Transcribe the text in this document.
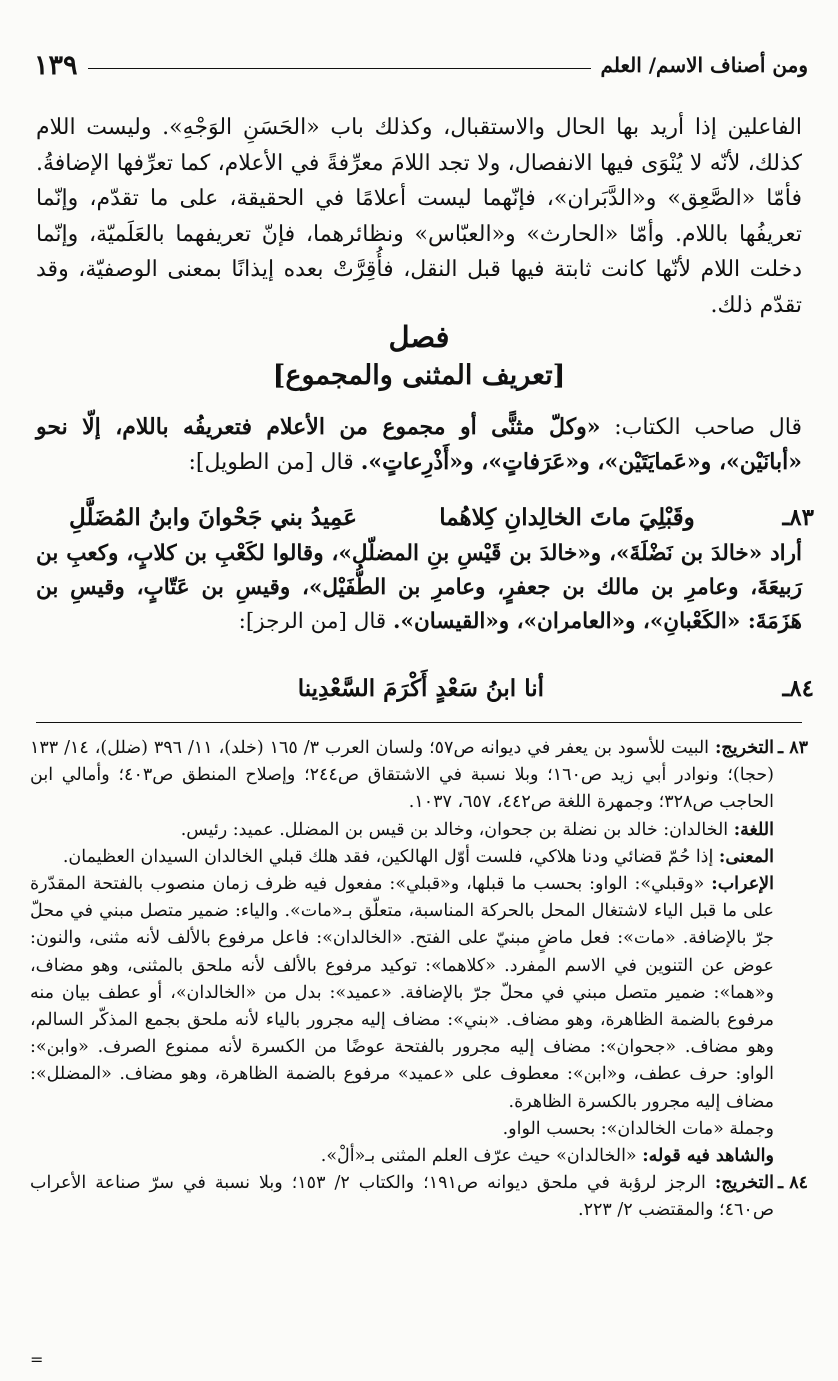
ومن أصناف الاسم/ العلم
١٣٩

الفاعلين إذا أريد بها الحال والاستقبال، وكذلك باب «الحَسَنِ الوَجْهِ». وليست اللام كذلك، لأنّه لا يُنْوَى فيها الانفصال، ولا تجد اللامَ معرِّفةً في الأعلام، كما تعرِّفها الإضافةُ. فأمّا «الصَّعِق» و«الدَّبَران»، فإنّهما ليست أعلامًا في الحقيقة، على ما تقدّم، وإنّما تعريفُها باللام. وأمّا «الحارث» و«العبّاس» ونظائرهما، فإنّ تعريفهما بالعَلَميّة، وإنّما دخلت اللام لأنّها كانت ثابتة فيها قبل النقل، فأُقِرَّتْ بعده إيذانًا بمعنى الوصفيّة، وقد تقدّم ذلك.

فصل
[تعريف المثنى والمجموع]
قال صاحب الكتاب: «وكلّ مثنًّى أو مجموع من الأعلام فتعريفُه باللام، إلّا نحو «أبانَيْن»، و«عَمايَتَيْن»، و«عَرَفاتٍ»، و«أَذْرِعاتٍ». قال [من الطويل]:
٨٣ـ
وقَبْلِيَ ماتَ الخالِدانِ كِلاهُما
عَمِيدُ بني جَحْوانَ وابنُ المُضَلَّلِ
أراد «خالدَ بن نَضْلَةَ»، و«خالدَ بن قَيْسِ بنِ المضلّل»، وقالوا لكَعْبِ بن كلابٍ، وكعبِ بن رَبيعَةَ، وعامرِ بن مالك بن جعفرٍ، وعامرِ بن الطُّفَيْل»، وقيسِ بن عَتّابٍ، وقيسِ بن هَزَمَةَ: «الكَعْبانِ»، و«العامران»، و«القيسان». قال [من الرجز]:
٨٤ـ
أنا ابنُ سَعْدٍ أَكْرَمَ السَّعْدِينا
٨٣ ـ

التخريج: البيت للأسود بن يعفر في ديوانه ص٥٧؛ ولسان العرب ٣/ ١٦٥ (خلد)، ١١/ ٣٩٦ (ضلل)، ١٤/ ١٣٣ (حجا)؛ ونوادر أبي زيد ص١٦٠؛ وبلا نسبة في الاشتقاق ص٢٤٤؛ وإصلاح المنطق ص٤٠٣؛ وأمالي ابن الحاجب ص٣٢٨؛ وجمهرة اللغة ص٤٤٢، ٦٥٧، ١٠٣٧.

اللغة: الخالدان: خالد بن نضلة بن جحوان، وخالد بن قيس بن المضلل. عميد: رئيس.

المعنى: إذا حُمّ قضائي ودنا هلاكي، فلست أوّل الهالكين، فقد هلك قبلي الخالدان السيدان العظيمان.

الإعراب: «وقبلي»: الواو: بحسب ما قبلها، و«قبلي»: مفعول فيه ظرف زمان منصوب بالفتحة المقدّرة على ما قبل الياء لاشتغال المحل بالحركة المناسبة، متعلّق بـ«مات». والياء: ضمير متصل مبني في محلّ جرّ بالإضافة. «مات»: فعل ماضٍ مبنيّ على الفتح. «الخالدان»: فاعل مرفوع بالألف لأنه مثنى، والنون: عوض عن التنوين في الاسم المفرد. «كلاهما»: توكيد مرفوع بالألف لأنه ملحق بالمثنى، وهو مضاف، و«هما»: ضمير متصل مبني في محلّ جرّ بالإضافة. «عميد»: بدل من «الخالدان»، أو عطف بيان منه مرفوع بالضمة الظاهرة، وهو مضاف. «بني»: مضاف إليه مجرور بالياء لأنه ملحق بجمع المذكّر السالم، وهو مضاف. «جحوان»: مضاف إليه مجرور بالفتحة عوضًا من الكسرة لأنه ممنوع الصرف. «وابن»: الواو: حرف عطف، و«ابن»: معطوف على «عميد» مرفوع بالضمة الظاهرة، وهو مضاف. «المضلل»: مضاف إليه مجرور بالكسرة الظاهرة.

وجملة «مات الخالدان»: بحسب الواو.

والشاهد فيه قوله: «الخالدان» حيث عرّف العلم المثنى بـ«ألْ».

٨٤ ـ

التخريج: الرجز لرؤبة في ملحق ديوانه ص١٩١؛ والكتاب ٢/ ١٥٣؛ وبلا نسبة في سرّ صناعة الأعراب ص٤٦٠؛ والمقتضب ٢/ ٢٢٣.

=
